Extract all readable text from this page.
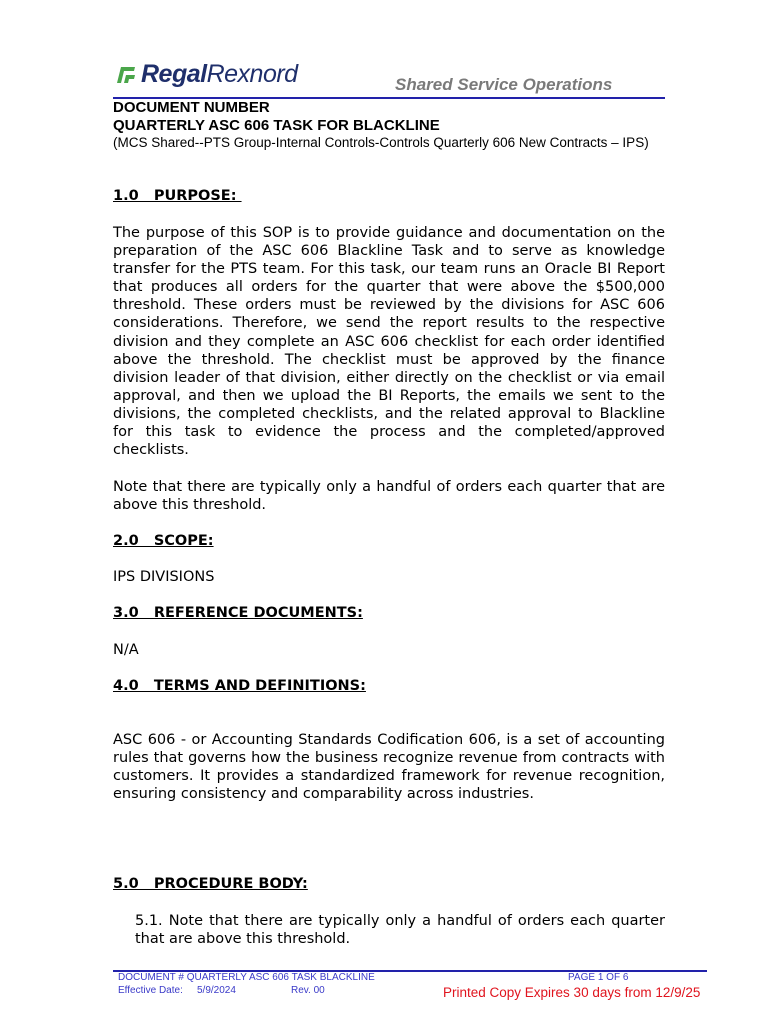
RegalRexnord	Shared Service Operations
DOCUMENT NUMBER
QUARTERLY ASC 606 TASK FOR BLACKLINE
(MCS Shared--PTS Group-Internal Controls-Controls Quarterly 606 New Contracts – IPS)
1.0   PURPOSE:
The purpose of this SOP is to provide guidance and documentation on the preparation of the ASC 606 Blackline Task and to serve as knowledge transfer for the PTS team. For this task, our team runs an Oracle BI Report that produces all orders for the quarter that were above the $500,000 threshold. These orders must be reviewed by the divisions for ASC 606 considerations. Therefore, we send the report results to the respective division and they complete an ASC 606 checklist for each order identified above the threshold. The checklist must be approved by the finance division leader of that division, either directly on the checklist or via email approval, and then we upload the BI Reports, the emails we sent to the divisions, the completed checklists, and the related approval to Blackline for this task to evidence the process and the completed/approved checklists.
Note that there are typically only a handful of orders each quarter that are above this threshold.
2.0   SCOPE:
IPS DIVISIONS
3.0   REFERENCE DOCUMENTS:
N/A
4.0   TERMS AND DEFINITIONS:
ASC 606 - or Accounting Standards Codification 606, is a set of accounting rules that governs how the business recognize revenue from contracts with customers. It provides a standardized framework for revenue recognition, ensuring consistency and comparability across industries.
5.0   PROCEDURE BODY:
5.1. Note that there are typically only a handful of orders each quarter that are above this threshold.
DOCUMENT # QUARTERLY ASC 606 TASK BLACKLINE	PAGE 1 OF 6
Effective Date: 5/9/2024	Rev. 00	Printed Copy Expires 30 days from 12/9/25
